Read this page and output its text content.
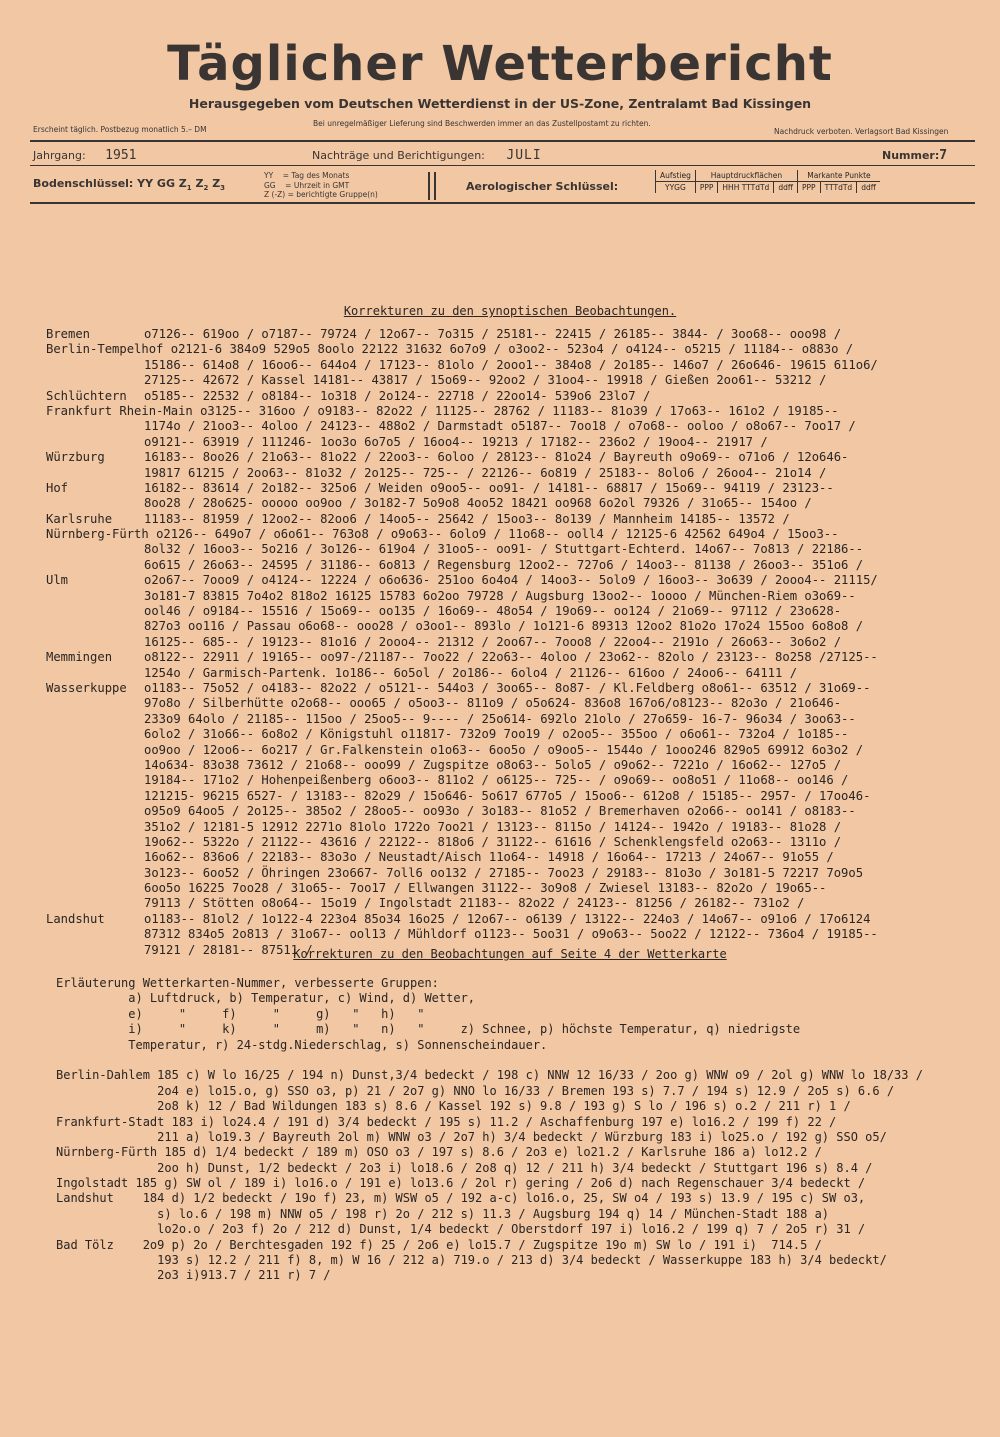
Täglicher Wetterbericht
Herausgegeben vom Deutschen Wetterdienst in der US-Zone, Zentralamt Bad Kissingen
Erscheint täglich. Postbezug monatlich 5.– DM
Bei unregelmäßiger Lieferung sind Beschwerden immer an das Zustellpostamt zu richten.
Nachdruck verboten. Verlagsort Bad Kissingen
Jahrgang: 1951	Nachträge und Berichtigungen: JULI	Nummer:7
Bodenschlüssel: YY GG $Z_1$ $Z_2$ $Z_3$
YY    = Tag des Monats
GG    = Uhrzeit in GMT
Z (-Z) = berichtigte Gruppe(n)
Aerologischer Schlüssel:
Aufstieg	Hauptdruckflächen			Markante Punkte		
YYGG	PPP	HHH TTTdTd	ddff	PPP	TTTdTd	ddff
Korrekturen zu den synoptischen Beobachtungen.
Bremen	o7126-- 619oo / o7187-- 79724 / 12o67-- 7o315 / 25181-- 22415 / 26185-- 3844- / 3oo68-- ooo98 /
Berlin-Tempelhof o2121-6 384o9 529o5 8oolo 22122 31632 6o7o9 / o3oo2-- 523o4 / o4124-- o5215 / 11184-- o883o /
15186-- 614o8 / 16oo6-- 644o4 / 17123-- 81olo / 2ooo1-- 384o8 / 2o185-- 146o7 / 26o646- 19615 611o6/
27125-- 42672 / Kassel 14181-- 43817 / 15o69-- 92oo2 / 31oo4-- 19918 / Gießen 2oo61-- 53212 /
Schlüchtern o5185-- 22532 / o8184-- 1o318 / 2o124-- 22718 / 22oo14- 539o6 23lo7 /
Frankfurt Rhein-Main o3125-- 316oo / o9183-- 82o22 / 11125-- 28762 / 11183-- 81o39 / 17o63-- 161o2 / 19185--
1174o / 21oo3-- 4oloo / 24123-- 488o2 / Darmstadt o5187-- 7oo18 / o7o68-- ooloo / o8o67-- 7oo17 /
o9121-- 63919 / 111246- 1oo3o 6o7o5 / 16oo4-- 19213 / 17182-- 236o2 / 19oo4-- 21917 /
Würzburg	16183-- 8oo26 / 21o63-- 81o22 / 22oo3-- 6oloo / 28123-- 81o24 / Bayreuth o9o69-- o71o6 / 12o646-
19817 61215 / 2oo63-- 81o32 / 2o125-- 725-- / 22126-- 6o819 / 25183-- 8olo6 / 26oo4-- 21o14 /
Hof	16182-- 83614 / 2o182-- 325o6 / Weiden o9oo5-- oo91- / 14181-- 68817 / 15o69-- 94119 / 23123--
8oo28 / 28o625- ooooo oo9oo / 3o182-7 5o9o8 4oo52 18421 oo968 6o2ol 79326 / 31o65-- 154oo /
Karlsruhe	11183-- 81959 / 12oo2-- 82oo6 / 14oo5-- 25642 / 15oo3-- 8o139 / Mannheim 14185-- 13572 /
Nürnberg-Fürth o2126-- 649o7 / o6o61-- 763o8 / o9o63-- 6olo9 / 11o68-- ooll4 / 12125-6 42562 649o4 / 15oo3--
8ol32 / 16oo3-- 5o216 / 3o126-- 619o4 / 31oo5-- oo91- / Stuttgart-Echterd. 14o67-- 7o813 / 22186--
6o615 / 26o63-- 24595 / 31186-- 6o813 / Regensburg 12oo2-- 727o6 / 14oo3-- 81138 / 26oo3-- 351o6 /
Ulm	o2o67-- 7ooo9 / o4124-- 12224 / o6o636- 251oo 6o4o4 / 14oo3-- 5olo9 / 16oo3-- 3o639 / 2ooo4-- 21115/
3o181-7 83815 7o4o2 818o2 16125 15783 6o2oo 79728 / Augsburg 13oo2-- 1oooo / München-Riem o3o69--
ool46 / o9184-- 15516 / 15o69-- oo135 / 16o69-- 48o54 / 19o69-- oo124 / 21o69-- 97112 / 23o628-
827o3 oo116 / Passau o6o68-- ooo28 / o3oo1-- 893lo / 1o121-6 89313 12oo2 81o2o 17o24 155oo 6o8o8 /
16125-- 685-- / 19123-- 81o16 / 2ooo4-- 21312 / 2oo67-- 7ooo8 / 22oo4-- 2191o / 26o63-- 3o6o2 /
Memmingen	o8122-- 22911 / 19165-- oo97-/21187-- 7oo22 / 22o63-- 4oloo / 23o62-- 82olo / 23123-- 8o258 /27125--
1254o / Garmisch-Partenk. 1o186-- 6o5ol / 2o186-- 6olo4 / 21126-- 616oo / 24oo6-- 64111 /
Wasserkuppe o1183-- 75o52 / o4183-- 82o22 / o5121-- 544o3 / 3oo65-- 8o87- / Kl.Feldberg o8o61-- 63512 / 31o69--
97o8o / Silberhütte o2o68-- ooo65 / o5oo3-- 811o9 / o5o624- 836o8 167o6/o8123-- 82o3o / 21o646-
233o9 64olo / 21185-- 115oo / 25oo5-- 9---- / 25o614- 692lo 21olo / 27o659- 16-7- 96o34 / 3oo63--
6olo2 / 31o66-- 6o8o2 / Königstuhl o11817- 732o9 7oo19 / o2oo5-- 355oo / o6o61-- 732o4 / 1o185--
oo9oo / 12oo6-- 6o217 / Gr.Falkenstein o1o63-- 6oo5o / o9oo5-- 1544o / 1ooo246 829o5 69912 6o3o2 /
14o634- 83o38 73612 / 21o68-- ooo99 / Zugspitze o8o63-- 5olo5 / o9o62-- 7221o / 16o62-- 127o5 /
19184-- 171o2 / Hohenpeißenberg o6oo3-- 811o2 / o6125-- 725-- / o9o69-- oo8o51 / 11o68-- oo146 /
121215- 96215 6527- / 13183-- 82o29 / 15o646- 5o617 677o5 / 15oo6-- 612o8 / 15185-- 2957- / 17oo46-
o95o9 64oo5 / 2o125-- 385o2 / 28oo5-- oo93o / 3o183-- 81o52 / Bremerhaven o2o66-- oo141 / o8183--
351o2 / 12181-5 12912 2271o 81olo 1722o 7oo21 / 13123-- 8115o / 14124-- 1942o / 19183-- 81o28 /
19o62-- 5322o / 21122-- 43616 / 22122-- 818o6 / 31122-- 61616 / Schenklengsfeld o2o63-- 1311o /
16o62-- 836o6 / 22183-- 83o3o / Neustadt/Aisch 11o64-- 14918 / 16o64-- 17213 / 24o67-- 91o55 /
3o123-- 6oo52 / Öhringen 23o667- 7oll6 oo132 / 27185-- 7oo23 / 29183-- 81o3o / 3o181-5 72217 7o9o5
6oo5o 16225 7oo28 / 31o65-- 7oo17 / Ellwangen 31122-- 3o9o8 / Zwiesel 13183-- 82o2o / 19o65--
79113 / Stötten o8o64-- 15o19 / Ingolstadt 21183-- 82o22 / 24123-- 81256 / 26182-- 731o2 /
Landshut	o1183-- 81ol2 / 1o122-4 223o4 85o34 16o25 / 12o67-- o6139 / 13122-- 224o3 / 14o67-- o91o6 / 17o6124
87312 834o5 2o813 / 31o67-- ool13 / Mühldorf o1123-- 5oo31 / o9o63-- 5oo22 / 12122-- 736o4 / 19185--
79121 / 28181-- 87511 /
Korrekturen zu den Beobachtungen auf Seite 4 der Wetterkarte
Erläuterung Wetterkarten-Nummer, verbesserte Gruppen:
a) Luftdruck, b) Temperatur, c) Wind, d) Wetter,
e)     "     f)     "     g)   "   h)   "
i)     "     k)     "     m)   "   n)   "     z) Schnee, p) höchste Temperatur, q) niedrigste
Temperatur, r) 24-stdg.Niederschlag, s) Sonnenscheindauer.
Berlin-Dahlem 185 c) W lo 16/25 / 194 n) Dunst,3/4 bedeckt / 198 c) NNW 12 16/33 / 2oo g) WNW o9 / 2ol g) WNW lo 18/33 /
2o4 e) lo15.o, g) SSO o3, p) 21 / 2o7 g) NNO lo 16/33 / Bremen 193 s) 7.7 / 194 s) 12.9 / 2o5 s) 6.6 /
2o8 k) 12 / Bad Wildungen 183 s) 8.6 / Kassel 192 s) 9.8 / 193 g) S lo / 196 s) o.2 / 211 r) 1 /
Frankfurt-Stadt 183 i) lo24.4 / 191 d) 3/4 bedeckt / 195 s) 11.2 / Aschaffenburg 197 e) lo16.2 / 199 f) 22 /
211 a) lo19.3 / Bayreuth 2ol m) WNW o3 / 2o7 h) 3/4 bedeckt / Würzburg 183 i) lo25.o / 192 g) SSO o5/
Nürnberg-Fürth 185 d) 1/4 bedeckt / 189 m) OSO o3 / 197 s) 8.6 / 2o3 e) lo21.2 / Karlsruhe 186 a) lo12.2 /
2oo h) Dunst, 1/2 bedeckt / 2o3 i) lo18.6 / 2o8 q) 12 / 211 h) 3/4 bedeckt / Stuttgart 196 s) 8.4 /
Ingolstadt 185 g) SW ol / 189 i) lo16.o / 191 e) lo13.6 / 2ol r) gering / 2o6 d) nach Regenschauer 3/4 bedeckt /
Landshut    184 d) 1/2 bedeckt / 19o f) 23, m) WSW o5 / 192 a-c) lo16.o, 25, SW o4 / 193 s) 13.9 / 195 c) SW o3,
s) lo.6 / 198 m) NNW o5 / 198 r) 2o / 212 s) 11.3 / Augsburg 194 q) 14 / München-Stadt 188 a)
lo2o.o / 2o3 f) 2o / 212 d) Dunst, 1/4 bedeckt / Oberstdorf 197 i) lo16.2 / 199 q) 7 / 2o5 r) 31 /
Bad Tölz    2o9 p) 2o / Berchtesgaden 192 f) 25 / 2o6 e) lo15.7 / Zugspitze 19o m) SW lo / 191 i)  714.5 /
193 s) 12.2 / 211 f) 8, m) W 16 / 212 a) 719.o / 213 d) 3/4 bedeckt / Wasserkuppe 183 h) 3/4 bedeckt/
2o3 i)913.7 / 211 r) 7 /
